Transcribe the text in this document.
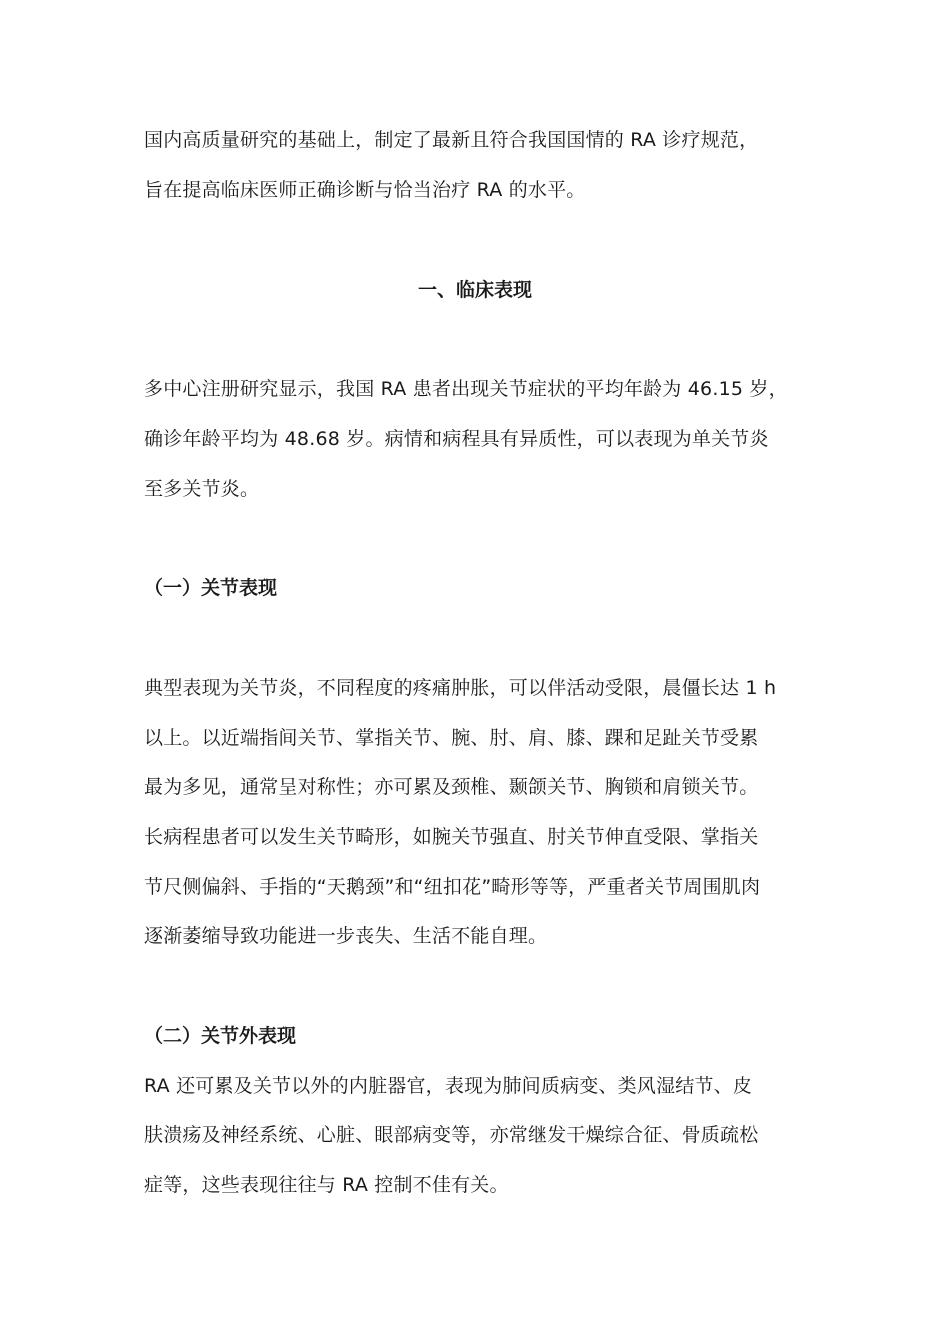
国内高质量研究的基础上，制定了最新且符合我国国情的 RA 诊疗规范，
旨在提高临床医师正确诊断与恰当治疗 RA 的水平。
一、临床表现
多中心注册研究显示，我国 RA 患者出现关节症状的平均年龄为 46.15 岁，
确诊年龄平均为 48.68 岁。病情和病程具有异质性，可以表现为单关节炎
至多关节炎。
（一）关节表现
典型表现为关节炎，不同程度的疼痛肿胀，可以伴活动受限，晨僵长达 1 h
以上。以近端指间关节、掌指关节、腕、肘、肩、膝、踝和足趾关节受累
最为多见，通常呈对称性；亦可累及颈椎、颞颌关节、胸锁和肩锁关节。
长病程患者可以发生关节畸形，如腕关节强直、肘关节伸直受限、掌指关
节尺侧偏斜、手指的“天鹅颈”和“纽扣花”畸形等等，严重者关节周围肌肉
逐渐萎缩导致功能进一步丧失、生活不能自理。
（二）关节外表现
RA 还可累及关节以外的内脏器官，表现为肺间质病变、类风湿结节、皮
肤溃疡及神经系统、心脏、眼部病变等，亦常继发干燥综合征、骨质疏松
症等，这些表现往往与 RA 控制不佳有关。
